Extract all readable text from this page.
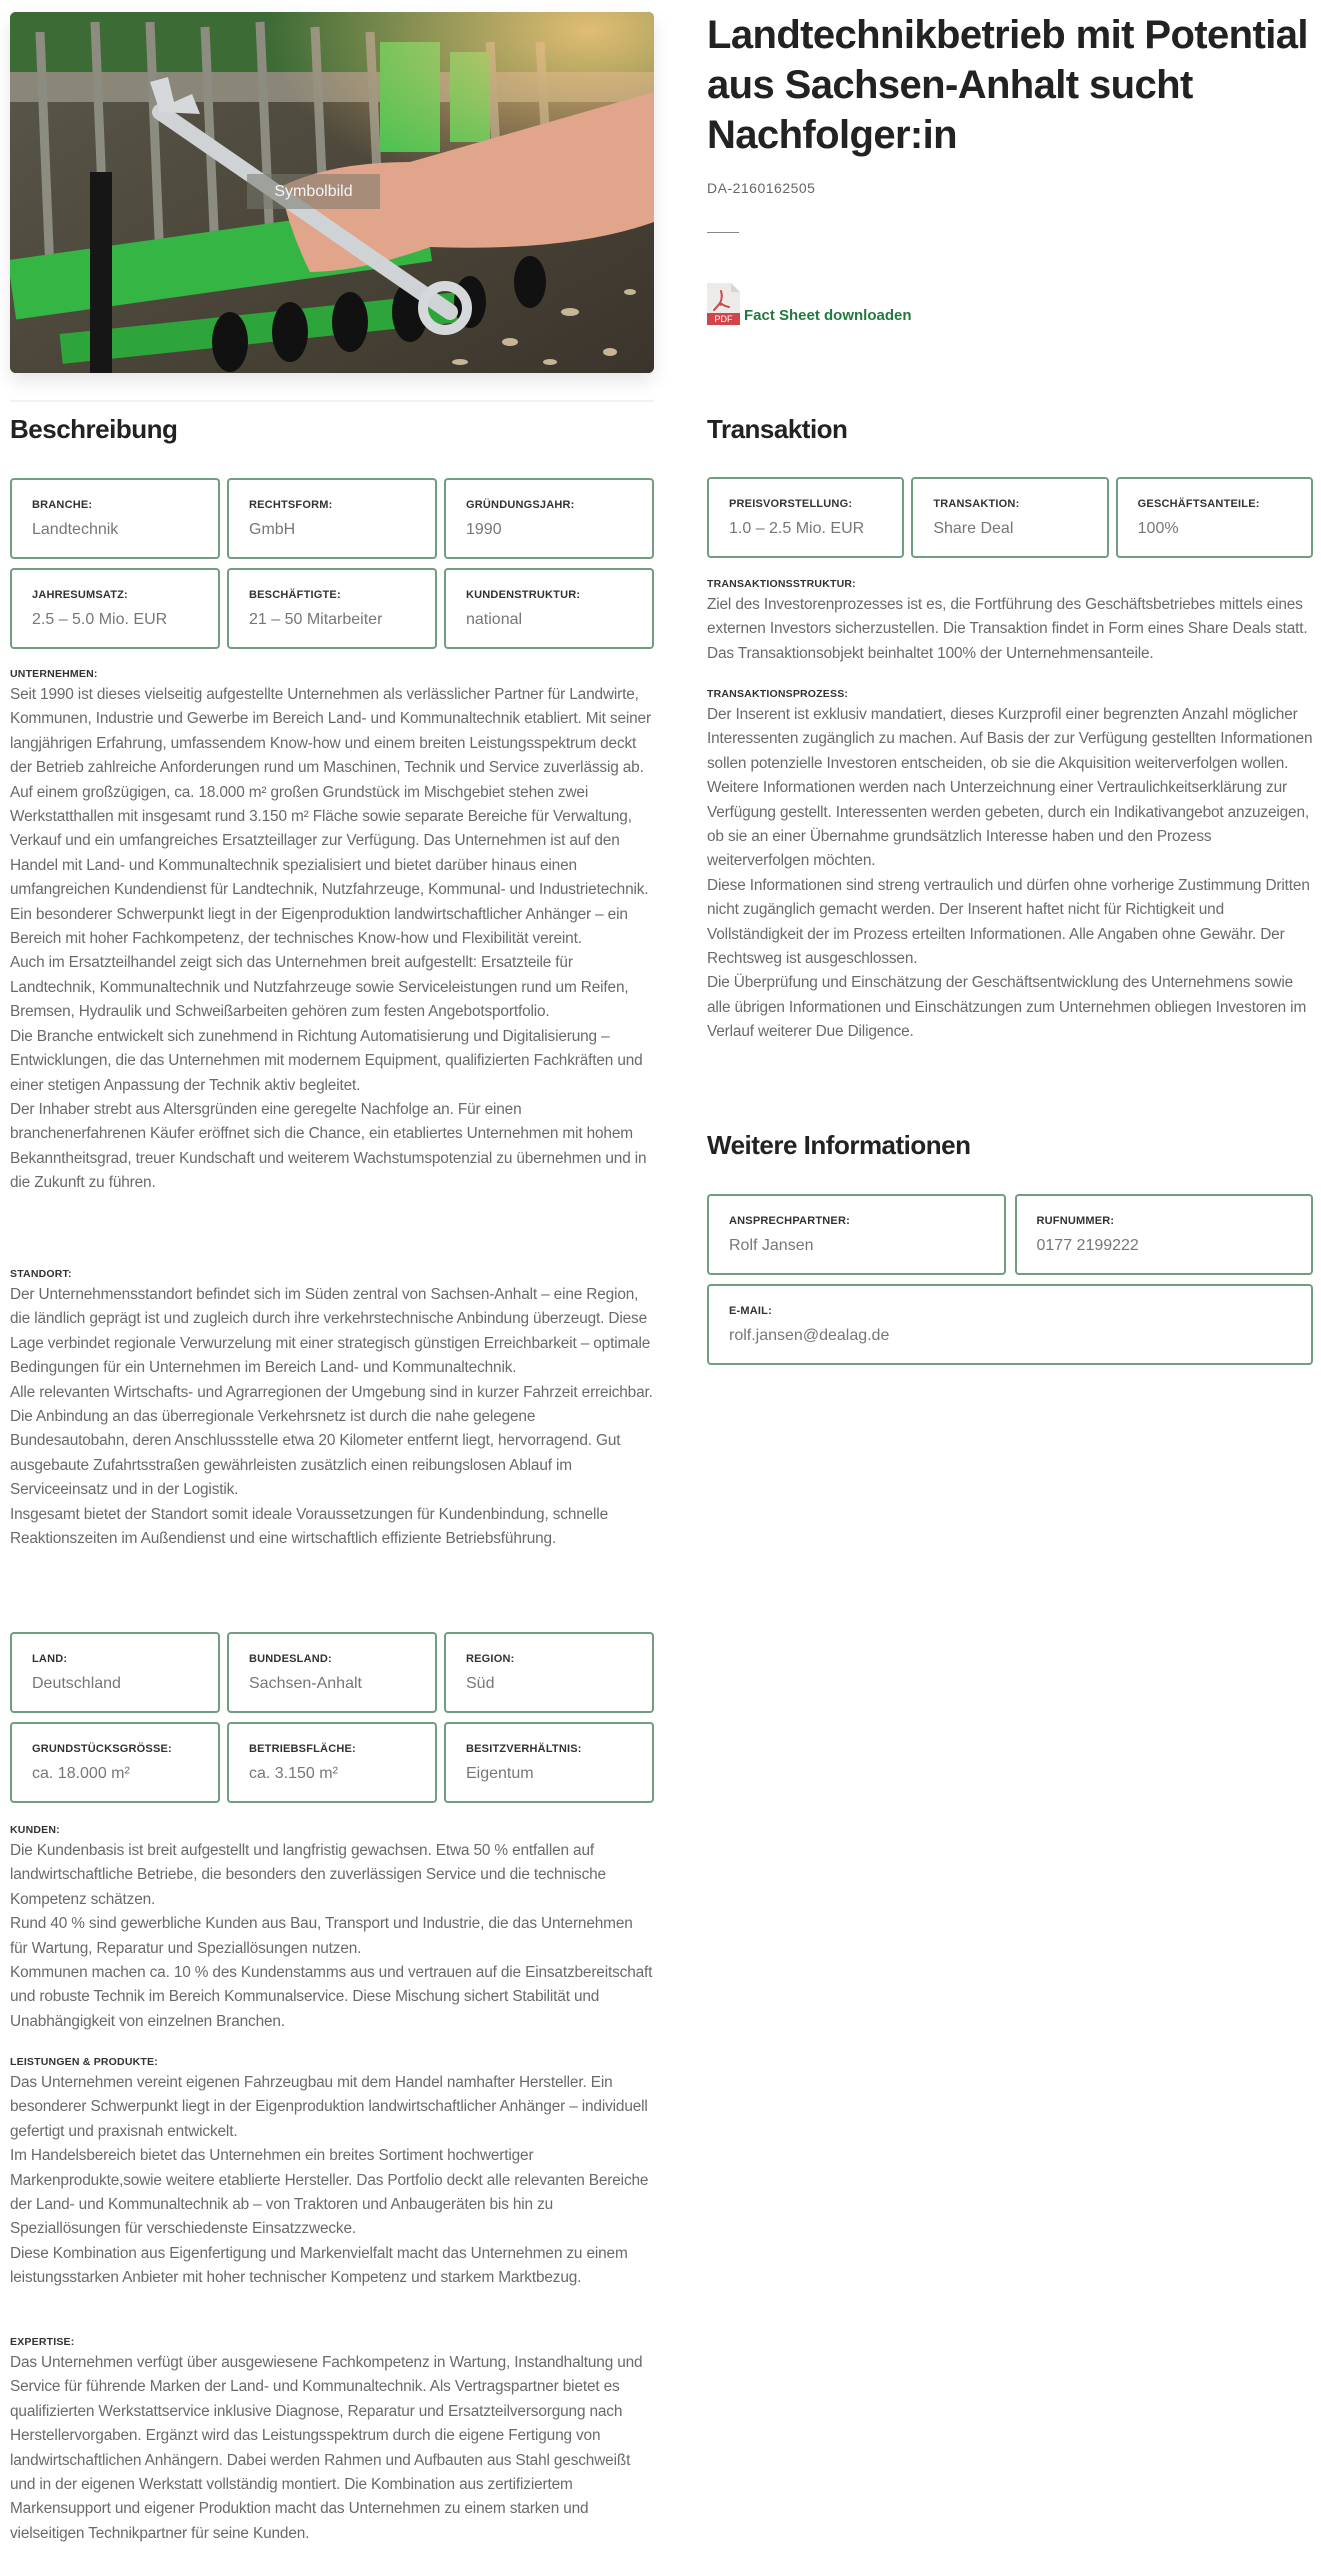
Symbolbild
Beschreibung
BRANCHE:
Landtechnik
RECHTSFORM:
GmbH
GRÜNDUNGSJAHR:
1990
JAHRESUMSATZ:
2.5 – 5.0 Mio. EUR
BESCHÄFTIGTE:
21 – 50 Mitarbeiter
KUNDENSTRUKTUR:
national
UNTERNEHMEN:

Seit 1990 ist dieses vielseitig aufgestellte Unternehmen als verlässlicher Partner für Landwirte, Kommunen, Industrie und Gewerbe im Bereich Land- und Kommunaltechnik etabliert. Mit seiner langjährigen Erfahrung, umfassendem Know-how und einem breiten Leistungsspektrum deckt der Betrieb zahlreiche Anforderungen rund um Maschinen, Technik und Service zuverlässig ab.

Auf einem großzügigen, ca. 18.000 m² großen Grundstück im Mischgebiet stehen zwei Werkstatthallen mit insgesamt rund 3.150 m² Fläche sowie separate Bereiche für Verwaltung, Verkauf und ein umfangreiches Ersatzteillager zur Verfügung. Das Unternehmen ist auf den Handel mit Land- und Kommunaltechnik spezialisiert und bietet darüber hinaus einen umfangreichen Kundendienst für Landtechnik, Nutzfahrzeuge, Kommunal- und Industrietechnik.

Ein besonderer Schwerpunkt liegt in der Eigenproduktion landwirtschaftlicher Anhänger – ein Bereich mit hoher Fachkompetenz, der technisches Know-how und Flexibilität vereint.

Auch im Ersatzteilhandel zeigt sich das Unternehmen breit aufgestellt: Ersatzteile für Landtechnik, Kommunaltechnik und Nutzfahrzeuge sowie Serviceleistungen rund um Reifen, Bremsen, Hydraulik und Schweißarbeiten gehören zum festen Angebotsportfolio.

Die Branche entwickelt sich zunehmend in Richtung Automatisierung und Digitalisierung – Entwicklungen, die das Unternehmen mit modernem Equipment, qualifizierten Fachkräften und einer stetigen Anpassung der Technik aktiv begleitet.

Der Inhaber strebt aus Altersgründen eine geregelte Nachfolge an. Für einen branchenerfahrenen Käufer eröffnet sich die Chance, ein etabliertes Unternehmen mit hohem Bekanntheitsgrad, treuer Kundschaft und weiterem Wachstumspotenzial zu übernehmen und in die Zukunft zu führen.

STANDORT:

Der Unternehmensstandort befindet sich im Süden zentral von Sachsen-Anhalt – eine Region, die ländlich geprägt ist und zugleich durch ihre verkehrstechnische Anbindung überzeugt. Diese Lage verbindet regionale Verwurzelung mit einer strategisch günstigen Erreichbarkeit – optimale Bedingungen für ein Unternehmen im Bereich Land- und Kommunaltechnik.

Alle relevanten Wirtschafts- und Agrarregionen der Umgebung sind in kurzer Fahrzeit erreichbar. Die Anbindung an das überregionale Verkehrsnetz ist durch die nahe gelegene Bundesautobahn, deren Anschlussstelle etwa 20 Kilometer entfernt liegt, hervorragend. Gut ausgebaute Zufahrtsstraßen gewährleisten zusätzlich einen reibungslosen Ablauf im Serviceeinsatz und in der Logistik.

Insgesamt bietet der Standort somit ideale Voraussetzungen für Kundenbindung, schnelle Reaktionszeiten im Außendienst und eine wirtschaftlich effiziente Betriebsführung.

LAND:
Deutschland
BUNDESLAND:
Sachsen-Anhalt
REGION:
Süd
GRUNDSTÜCKSGRÖSSE:
ca. 18.000 m²
BETRIEBSFLÄCHE:
ca. 3.150 m²
BESITZVERHÄLTNIS:
Eigentum
KUNDEN:

Die Kundenbasis ist breit aufgestellt und langfristig gewachsen. Etwa 50 % entfallen auf landwirtschaftliche Betriebe, die besonders den zuverlässigen Service und die technische Kompetenz schätzen.

Rund 40 % sind gewerbliche Kunden aus Bau, Transport und Industrie, die das Unternehmen für Wartung, Reparatur und Speziallösungen nutzen.

Kommunen machen ca. 10 % des Kundenstamms aus und vertrauen auf die Einsatzbereitschaft und robuste Technik im Bereich Kommunalservice. Diese Mischung sichert Stabilität und Unabhängigkeit von einzelnen Branchen.

LEISTUNGEN & PRODUKTE:

Das Unternehmen vereint eigenen Fahrzeugbau mit dem Handel namhafter Hersteller. Ein besonderer Schwerpunkt liegt in der Eigenproduktion landwirtschaftlicher Anhänger – individuell gefertigt und praxisnah entwickelt.

Im Handelsbereich bietet das Unternehmen ein breites Sortiment hochwertiger Markenprodukte,sowie weitere etablierte Hersteller. Das Portfolio deckt alle relevanten Bereiche der Land- und Kommunaltechnik ab – von Traktoren und Anbaugeräten bis hin zu Speziallösungen für verschiedenste Einsatzzwecke.

Diese Kombination aus Eigenfertigung und Markenvielfalt macht das Unternehmen zu einem leistungsstarken Anbieter mit hoher technischer Kompetenz und starkem Marktbezug.

EXPERTISE:

Das Unternehmen verfügt über ausgewiesene Fachkompetenz in Wartung, Instandhaltung und Service für führende Marken der Land- und Kommunaltechnik. Als Vertragspartner bietet es qualifizierten Werkstattservice inklusive Diagnose, Reparatur und Ersatzteilversorgung nach Herstellervorgaben. Ergänzt wird das Leistungsspektrum durch die eigene Fertigung von landwirtschaftlichen Anhängern. Dabei werden Rahmen und Aufbauten aus Stahl geschweißt und in der eigenen Werkstatt vollständig montiert. Die Kombination aus zertifiziertem Markensupport und eigener Produktion macht das Unternehmen zu einem starken und vielseitigen Technikpartner für seine Kunden.

Landtechnikbetrieb mit Potential aus Sachsen-Anhalt sucht Nachfolger:in
DA-2160162505
PDF Fact Sheet downloaden
Transaktion
PREISVORSTELLUNG:
1.0 – 2.5 Mio. EUR
TRANSAKTION:
Share Deal
GESCHÄFTSANTEILE:
100%
TRANSAKTIONSSTRUKTUR:

Ziel des Investorenprozesses ist es, die Fortführung des Geschäftsbetriebes mittels eines externen Investors sicherzustellen. Die Transaktion findet in Form eines Share Deals statt. Das Transaktionsobjekt beinhaltet 100% der Unternehmensanteile.

TRANSAKTIONSPROZESS:

Der Inserent ist exklusiv mandatiert, dieses Kurzprofil einer begrenzten Anzahl möglicher Interessenten zugänglich zu machen. Auf Basis der zur Verfügung gestellten Informationen sollen potenzielle Investoren entscheiden, ob sie die Akquisition weiterverfolgen wollen.

Weitere Informationen werden nach Unterzeichnung einer Vertraulichkeitserklärung zur Verfügung gestellt. Interessenten werden gebeten, durch ein Indikativangebot anzuzeigen, ob sie an einer Übernahme grundsätzlich Interesse haben und den Prozess weiterverfolgen möchten.

Diese Informationen sind streng vertraulich und dürfen ohne vorherige Zustimmung Dritten nicht zugänglich gemacht werden. Der Inserent haftet nicht für Richtigkeit und Vollständigkeit der im Prozess erteilten Informationen. Alle Angaben ohne Gewähr. Der Rechtsweg ist ausgeschlossen.

Die Überprüfung und Einschätzung der Geschäftsentwicklung des Unternehmens sowie alle übrigen Informationen und Einschätzungen zum Unternehmen obliegen Investoren im Verlauf weiterer Due Diligence.

Weitere Informationen
ANSPRECHPARTNER:
Rolf Jansen
RUFNUMMER:
0177 2199222
E-MAIL:
rolf.jansen@dealag.de
